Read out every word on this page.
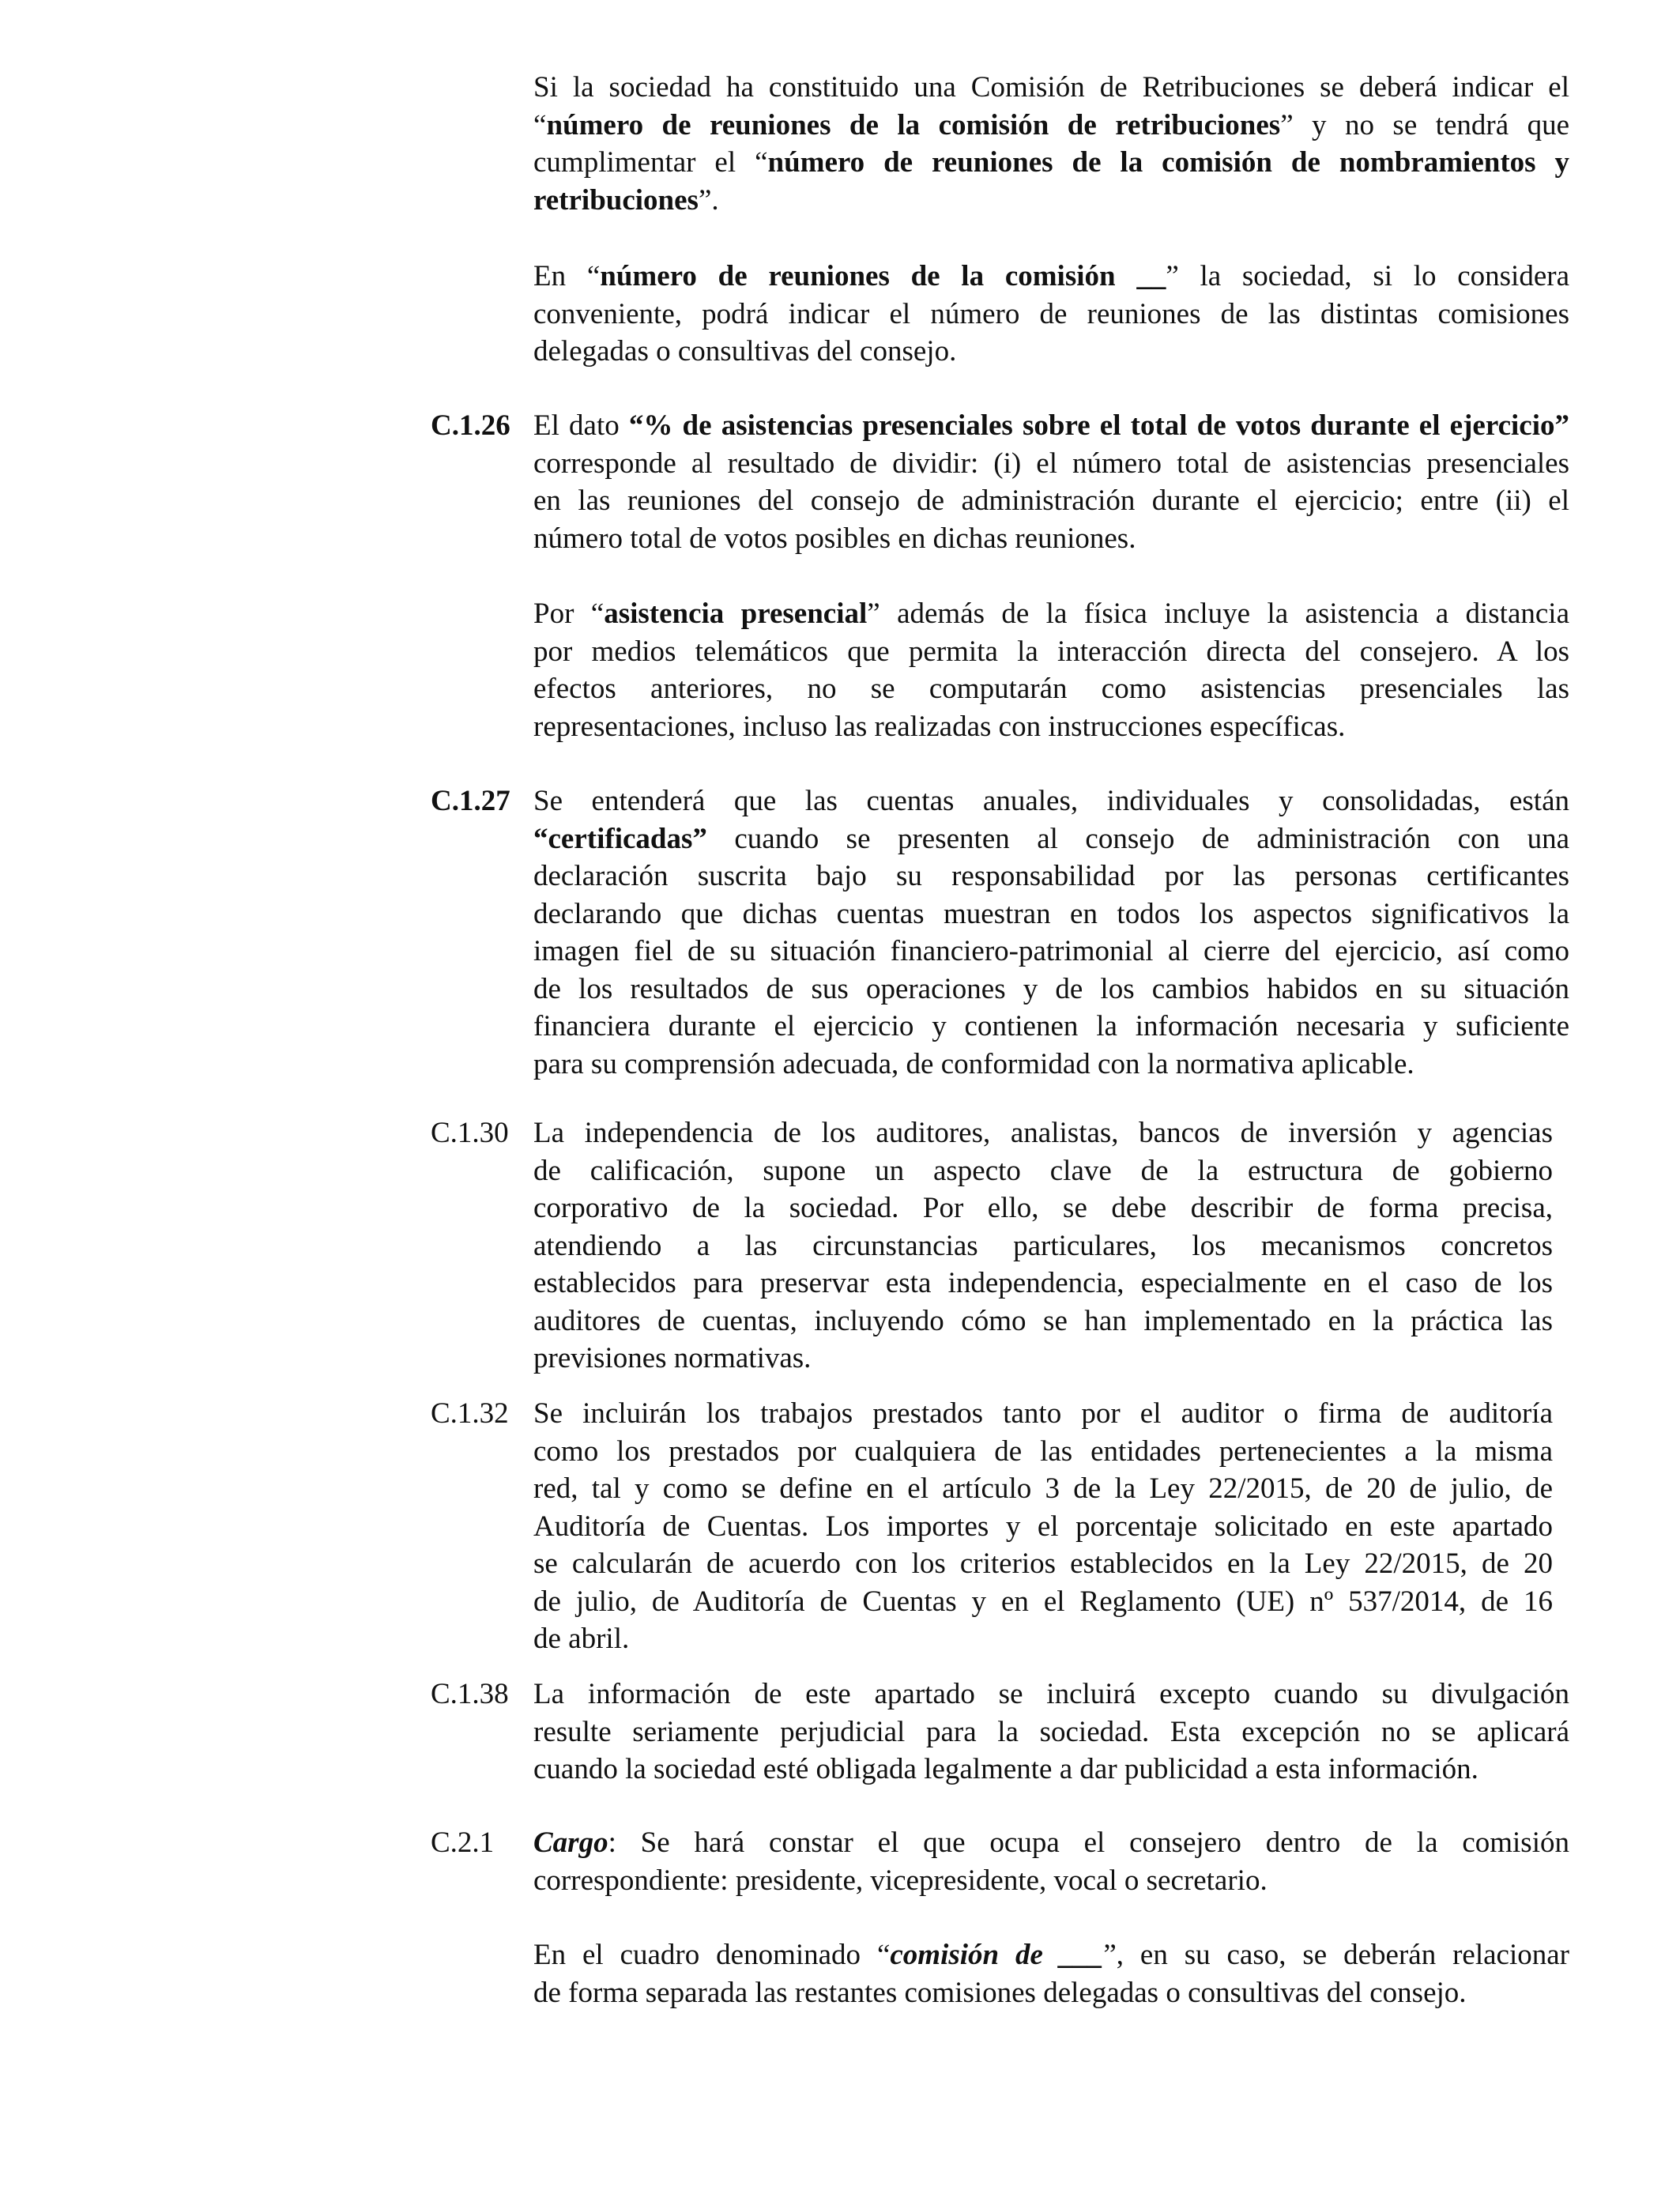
Si la sociedad ha constituido una Comisión de Retribuciones se deberá indicar el
“número de reuniones de la comisión de retribuciones” y no se tendrá que
cumplimentar el “número de reuniones de la comisión de nombramientos y
retribuciones”.
En “número de reuniones de la comisión __” la sociedad, si lo considera
conveniente, podrá indicar el número de reuniones de las distintas comisiones
delegadas o consultivas del consejo.
C.1.26 El dato “% de asistencias presenciales sobre el total de votos durante el ejercicio”
corresponde al resultado de dividir: (i) el número total de asistencias presenciales
en las reuniones del consejo de administración durante el ejercicio; entre (ii) el
número total de votos posibles en dichas reuniones.
Por “asistencia presencial” además de la física incluye la asistencia a distancia
por medios telemáticos que permita la interacción directa del consejero. A los
efectos anteriores, no se computarán como asistencias presenciales las
representaciones, incluso las realizadas con instrucciones específicas.
C.1.27 Se entenderá que las cuentas anuales, individuales y consolidadas, están
“certificadas” cuando se presenten al consejo de administración con una
declaración suscrita bajo su responsabilidad por las personas certificantes
declarando que dichas cuentas muestran en todos los aspectos significativos la
imagen fiel de su situación financiero-patrimonial al cierre del ejercicio, así como
de los resultados de sus operaciones y de los cambios habidos en su situación
financiera durante el ejercicio y contienen la información necesaria y suficiente
para su comprensión adecuada, de conformidad con la normativa aplicable.
C.1.30 La independencia de los auditores, analistas, bancos de inversión y agencias
de calificación, supone un aspecto clave de la estructura de gobierno
corporativo de la sociedad. Por ello, se debe describir de forma precisa,
atendiendo a las circunstancias particulares, los mecanismos concretos
establecidos para preservar esta independencia, especialmente en el caso de los
auditores de cuentas, incluyendo cómo se han implementado en la práctica las
previsiones normativas.
C.1.32 Se incluirán los trabajos prestados tanto por el auditor o firma de auditoría
como los prestados por cualquiera de las entidades pertenecientes a la misma
red, tal y como se define en el artículo 3 de la Ley 22/2015, de 20 de julio, de
Auditoría de Cuentas. Los importes y el porcentaje solicitado en este apartado
se calcularán de acuerdo con los criterios establecidos en la Ley 22/2015, de 20
de julio, de Auditoría de Cuentas y en el Reglamento (UE) nº 537/2014, de 16
de abril.
C.1.38 La información de este apartado se incluirá excepto cuando su divulgación
resulte seriamente perjudicial para la sociedad. Esta excepción no se aplicará
cuando la sociedad esté obligada legalmente a dar publicidad a esta información.
C.2.1 Cargo: Se hará constar el que ocupa el consejero dentro de la comisión
correspondiente: presidente, vicepresidente, vocal o secretario.
En el cuadro denominado “comisión de ___”, en su caso, se deberán relacionar
de forma separada las restantes comisiones delegadas o consultivas del consejo.
